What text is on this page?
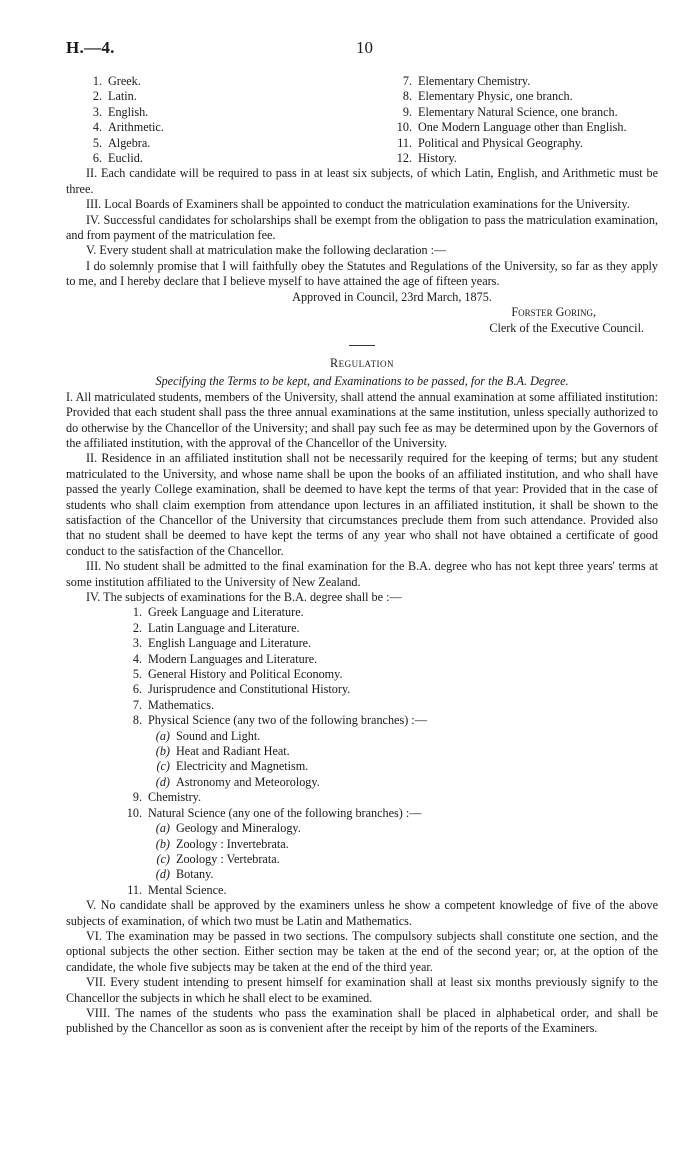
H.—4.	10
1. Greek.
2. Latin.
3. English.
4. Arithmetic.
5. Algebra.
6. Euclid.
7. Elementary Chemistry.
8. Elementary Physic, one branch.
9. Elementary Natural Science, one branch.
10. One Modern Language other than English.
11. Political and Physical Geography.
12. History.

II. Each candidate will be required to pass in at least six subjects, of which Latin, English, and Arithmetic must be three.

III. Local Boards of Examiners shall be appointed to conduct the matriculation examinations for the University.

IV. Successful candidates for scholarships shall be exempt from the obligation to pass the matriculation examination, and from payment of the matriculation fee.

V. Every student shall at matriculation make the following declaration :—

I do solemnly promise that I will faithfully obey the Statutes and Regulations of the University, so far as they apply to me, and I hereby declare that I believe myself to have attained the age of fifteen years.

Approved in Council, 23rd March, 1875.

Forster Goring,

Clerk of the Executive Council.

Regulation

Specifying the Terms to be kept, and Examinations to be passed, for the B.A. Degree.

I. All matriculated students, members of the University, shall attend the annual examination at some affiliated institution: Provided that each student shall pass the three annual examinations at the same institution, unless specially authorized to do otherwise by the Chancellor of the University; and shall pay such fee as may be determined upon by the Governors of the affiliated institution, with the approval of the Chancellor of the University.

II. Residence in an affiliated institution shall not be necessarily required for the keeping of terms; but any student matriculated to the University, and whose name shall be upon the books of an affiliated institution, and who shall have passed the yearly College examination, shall be deemed to have kept the terms of that year: Provided that in the case of students who shall claim exemption from attendance upon lectures in an affiliated institution, it shall be shown to the satisfaction of the Chancellor of the University that circumstances preclude them from such attendance. Provided also that no student shall be deemed to have kept the terms of any year who shall not have obtained a certificate of good conduct to the satisfaction of the Chancellor.

III. No student shall be admitted to the final examination for the B.A. degree who has not kept three years' terms at some institution affiliated to the University of New Zealand.

IV. The subjects of examinations for the B.A. degree shall be :—

1. Greek Language and Literature.
2. Latin Language and Literature.
3. English Language and Literature.
4. Modern Languages and Literature.
5. General History and Political Economy.
6. Jurisprudence and Constitutional History.
7. Mathematics.
8. Physical Science (any two of the following branches) :—
(a) Sound and Light.
(b) Heat and Radiant Heat.
(c) Electricity and Magnetism.
(d) Astronomy and Meteorology.
9. Chemistry.
10. Natural Science (any one of the following branches) :—
(a) Geology and Mineralogy.
(b) Zoology : Invertebrata.
(c) Zoology : Vertebrata.
(d) Botany.
11. Mental Science.

V. No candidate shall be approved by the examiners unless he show a competent knowledge of five of the above subjects of examination, of which two must be Latin and Mathematics.

VI. The examination may be passed in two sections. The compulsory subjects shall constitute one section, and the optional subjects the other section. Either section may be taken at the end of the second year; or, at the option of the candidate, the whole five subjects may be taken at the end of the third year.

VII. Every student intending to present himself for examination shall at least six months previously signify to the Chancellor the subjects in which he shall elect to be examined.

VIII. The names of the students who pass the examination shall be placed in alphabetical order, and shall be published by the Chancellor as soon as is convenient after the receipt by him of the reports of the Examiners.
